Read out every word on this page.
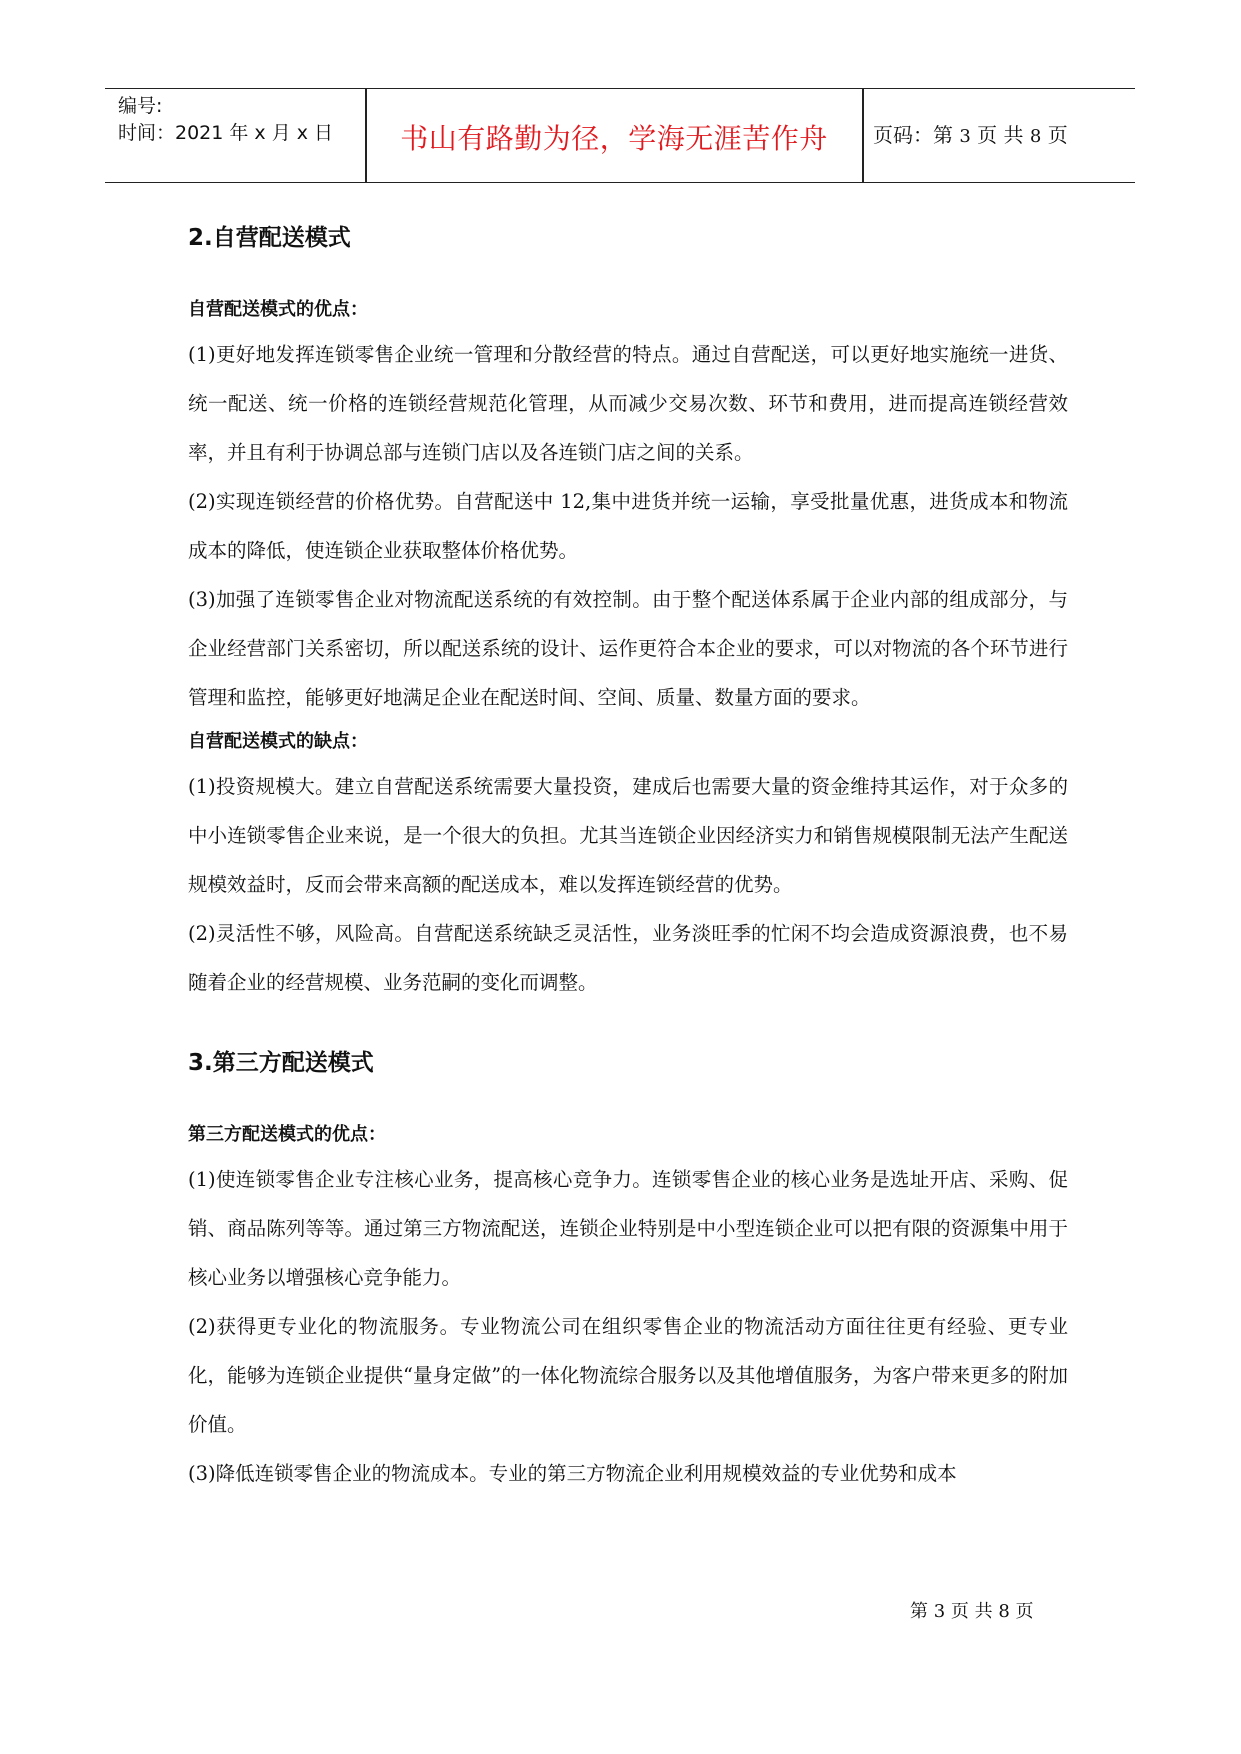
编号:
时间：2021 年 x 月 x 日	书山有路勤为径，学海无涯苦作舟	页码：第 3 页 共 8 页
2.自营配送模式
自营配送模式的优点：

(1)更好地发挥连锁零售企业统一管理和分散经营的特点。通过自营配送，可以更好地实施统一进货、统一配送、统一价格的连锁经营规范化管理，从而减少交易次数、环节和费用，进而提高连锁经营效率，并且有利于协调总部与连锁门店以及各连锁门店之间的关系。

(2)实现连锁经营的价格优势。自营配送中 12,集中进货并统一运输，享受批量优惠，进货成本和物流成本的降低，使连锁企业获取整体价格优势。

(3)加强了连锁零售企业对物流配送系统的有效控制。由于整个配送体系属于企业内部的组成部分，与企业经营部门关系密切，所以配送系统的设计、运作更符合本企业的要求，可以对物流的各个环节进行管理和监控，能够更好地满足企业在配送时间、空间、质量、数量方面的要求。

自营配送模式的缺点：

(1)投资规模大。建立自营配送系统需要大量投资，建成后也需要大量的资金维持其运作，对于众多的中小连锁零售企业来说，是一个很大的负担。尤其当连锁企业因经济实力和销售规模限制无法产生配送规模效益时，反而会带来高额的配送成本，难以发挥连锁经营的优势。

(2)灵活性不够，风险高。自营配送系统缺乏灵活性，业务淡旺季的忙闲不均会造成资源浪费，也不易随着企业的经营规模、业务范嗣的变化而调整。

3.第三方配送模式
第三方配送模式的优点：

(1)使连锁零售企业专注核心业务，提高核心竞争力。连锁零售企业的核心业务是选址开店、采购、促销、商品陈列等等。通过第三方物流配送，连锁企业特别是中小型连锁企业可以把有限的资源集中用于核心业务以增强核心竞争能力。

(2)获得更专业化的物流服务。专业物流公司在组织零售企业的物流活动方面往往更有经验、更专业化，能够为连锁企业提供“量身定做”的一体化物流综合服务以及其他增值服务，为客户带来更多的附加价值。

(3)降低连锁零售企业的物流成本。专业的第三方物流企业利用规模效益的专业优势和成本

第 3 页 共 8 页
